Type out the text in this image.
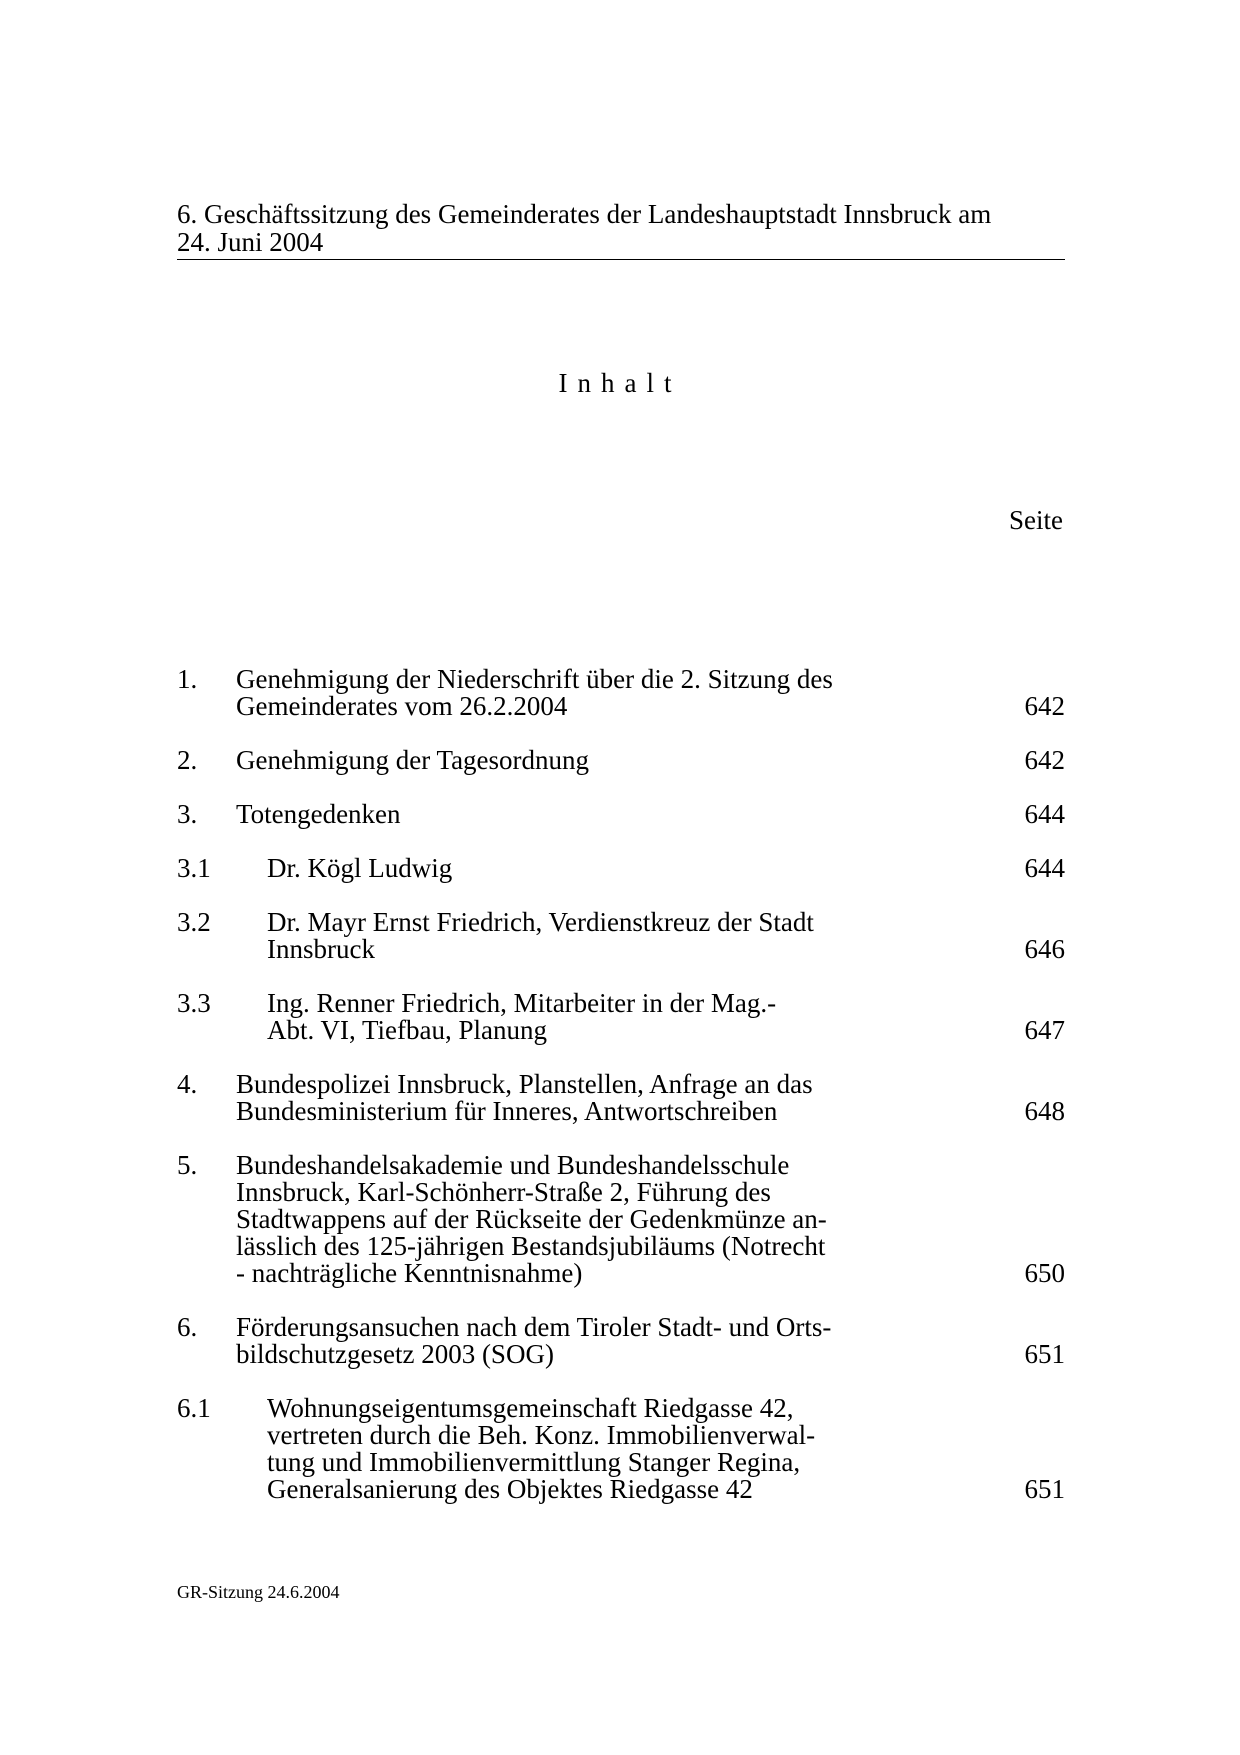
6. Geschäftssitzung des Gemeinderates der Landeshauptstadt Innsbruck am
24. Juni 2004
Inhalt
Seite
1. Genehmigung der Niederschrift über die 2. Sitzung des
Gemeinderates vom 26.2.2004	642
2. Genehmigung der Tagesordnung	642
3. Totengedenken	644
3.1 Dr. Kögl Ludwig	644
3.2 Dr. Mayr Ernst Friedrich, Verdienstkreuz der Stadt
Innsbruck	646
3.3 Ing. Renner Friedrich, Mitarbeiter in der Mag.-
Abt. VI, Tiefbau, Planung	647
4. Bundespolizei Innsbruck, Planstellen, Anfrage an das
Bundesministerium für Inneres, Antwortschreiben	648
5. Bundeshandelsakademie und Bundeshandelsschule
Innsbruck, Karl-Schönherr-Straße 2, Führung des
Stadtwappens auf der Rückseite der Gedenkmünze an-
lässlich des 125-jährigen Bestandsjubiläums (Notrecht
- nachträgliche Kenntnisnahme)	650
6. Förderungsansuchen nach dem Tiroler Stadt- und Orts-
bildschutzgesetz 2003 (SOG)	651
6.1 Wohnungseigentumsgemeinschaft Riedgasse 42,
vertreten durch die Beh. Konz. Immobilienverwal-
tung und Immobilienvermittlung Stanger Regina,
Generalsanierung des Objektes Riedgasse 42	651
GR-Sitzung 24.6.2004
